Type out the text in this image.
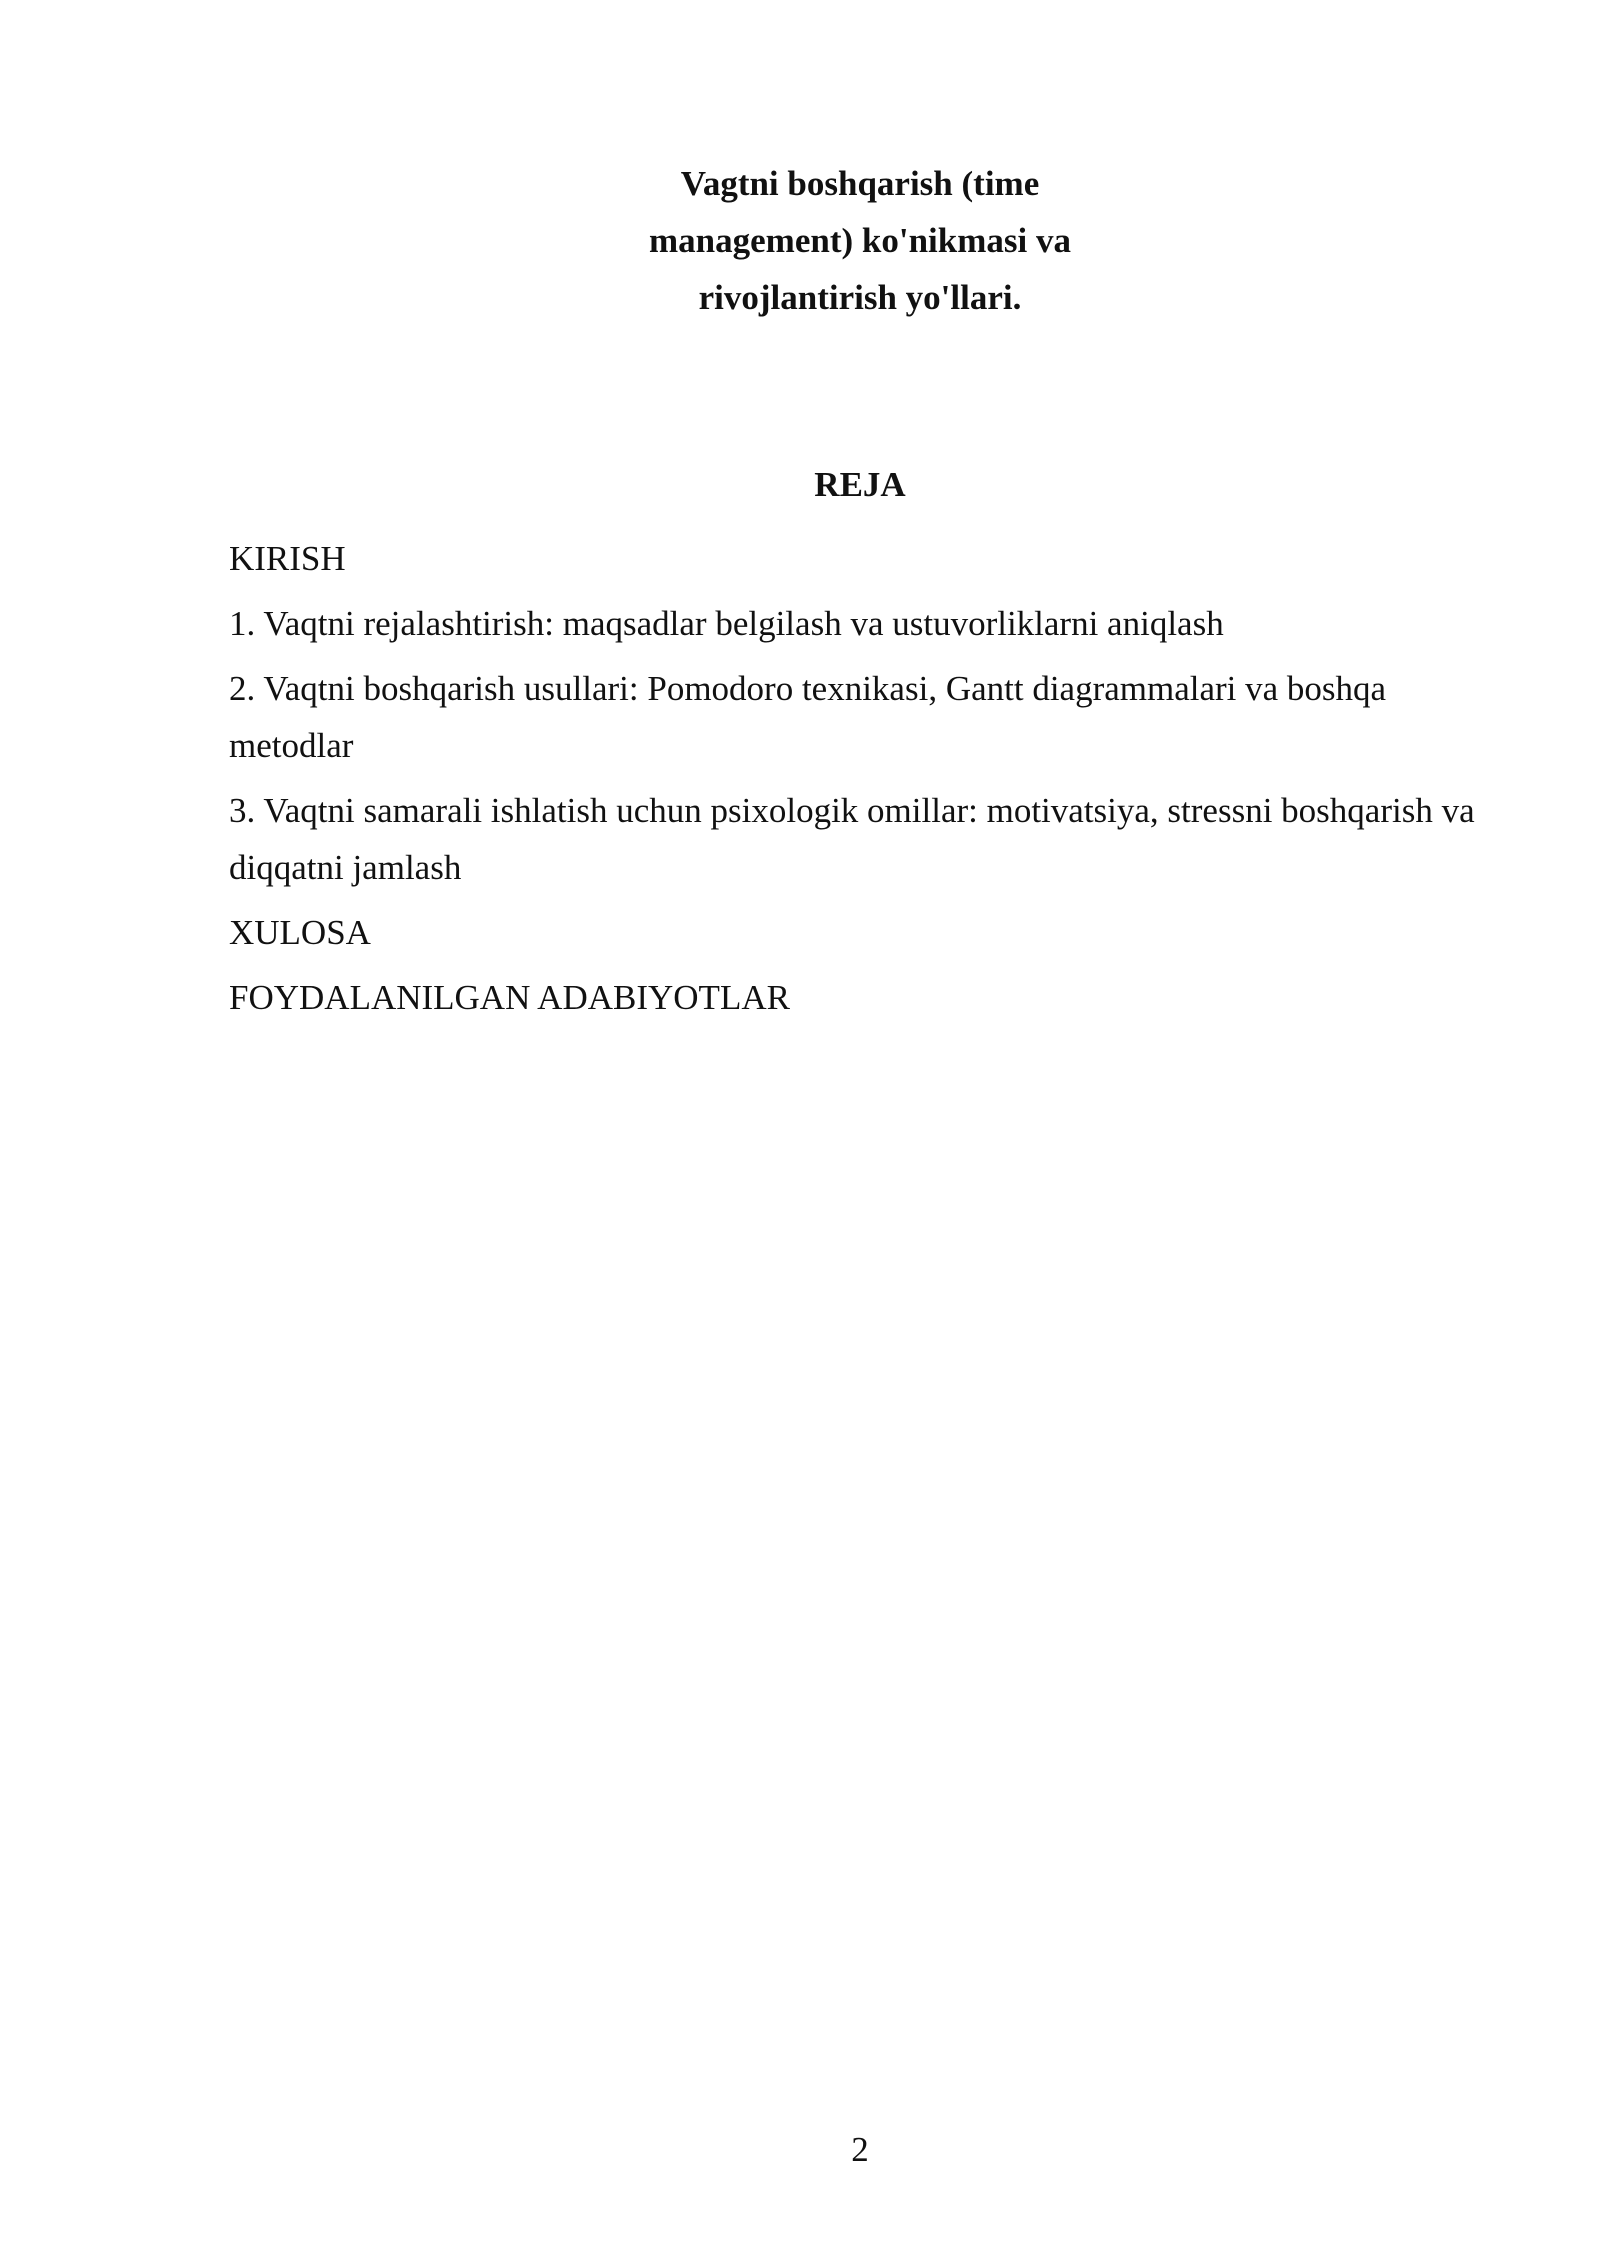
Vagtni boshqarish (time
management) ko'nikmasi va
rivojlantirish yo'llari.
REJA
KIRISH
1. Vaqtni rejalashtirish: maqsadlar belgilash va ustuvorliklarni aniqlash
2. Vaqtni boshqarish usullari: Pomodoro texnikasi, Gantt diagrammalari va boshqa metodlar
3. Vaqtni samarali ishlatish uchun psixologik omillar: motivatsiya, stressni boshqarish va diqqatni jamlash
XULOSA
FOYDALANILGAN ADABIYOTLAR
2
